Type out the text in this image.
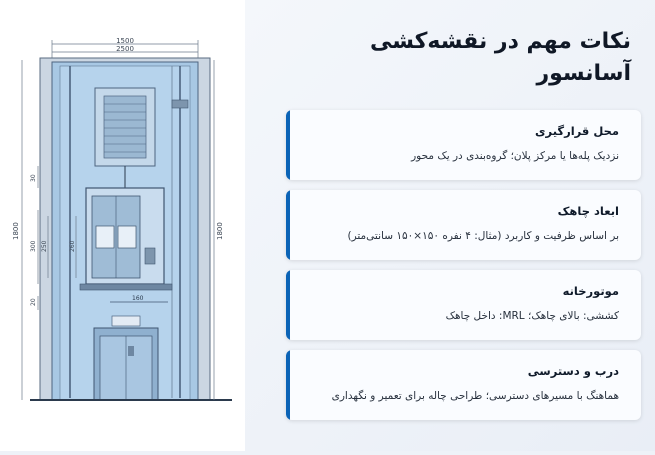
1500
2500
160
1800
30
300 250
20
260
1800
نکات مهم در نقشه‌کشی
آسانسور
محل قرارگیری
نزدیک پله‌ها یا مرکز پلان؛ گروه‌بندی در یک محور
ابعاد چاهک
بر اساس ظرفیت و کاربرد (مثال: ۴ نفره ۱۵۰×۱۵۰ سانتی‌متر)
موتورخانه
کششی: بالای چاهک؛ MRL: داخل چاهک
درب و دسترسی
هماهنگ با مسیرهای دسترسی؛ طراحی چاله برای تعمیر و نگهداری
